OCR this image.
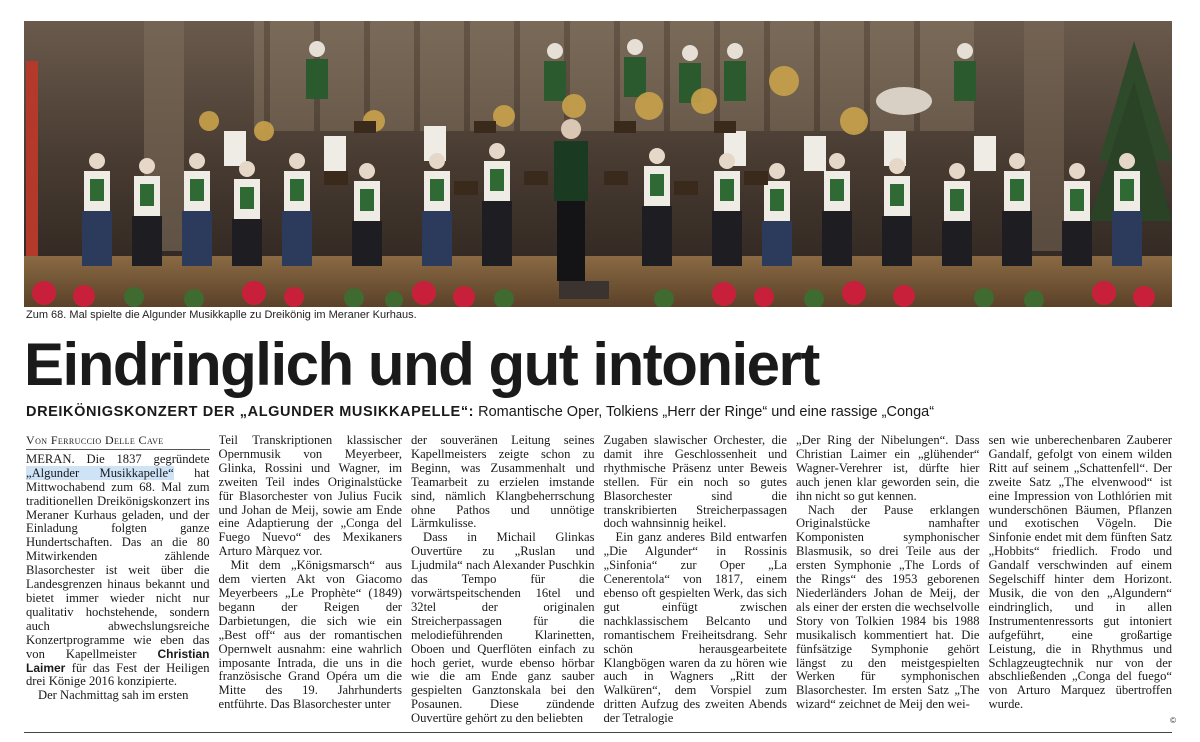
Zum 68. Mal spielte die Algunder Musikkaplle zu Dreikönig im Meraner Kurhaus.
Eindringlich und gut intoniert
DREIKÖNIGSKONZERT DER „ALGUNDER MUSIKKAPELLE“: Romantische Oper, Tolkiens „Herr der Ringe“ und eine rassige „Conga“
Von Ferruccio Delle Cave

MERAN. Die 1837 gegründete „Algunder Musikkapelle“ hat Mittwochabend zum 68. Mal zum traditionellen Dreikönigskonzert ins Meraner Kurhaus geladen, und der Einladung folgten ganze Hundertschaften. Das an die 80 Mitwirkenden zählende Blasorchester ist weit über die Landesgrenzen hinaus bekannt und bietet immer wieder nicht nur qualitativ hochstehende, sondern auch abwechslungsreiche Konzertprogramme wie eben das von Kapellmeister Christian Laimer für das Fest der Heiligen drei Könige 2016 konzipierte.

Der Nachmittag sah im ersten

Teil Transkriptionen klassischer Opernmusik von Meyerbeer, Glinka, Rossini und Wagner, im zweiten Teil indes Originalstücke für Blasorchester von Julius Fucik und Johan de Meij, sowie am Ende eine Adaptierung der „Conga del Fuego Nuevo“ des Mexikaners Arturo Màrquez vor.

Mit dem „Königsmarsch“ aus dem vierten Akt von Giacomo Meyerbeers „Le Prophète“ (1849) begann der Reigen der Darbietungen, die sich wie ein „Best off“ aus der romantischen Opernwelt ausnahm: eine wahrlich imposante Intrada, die uns in die französische Grand Opéra um die Mitte des 19. Jahrhunderts entführte. Das Blasorchester unter

der souveränen Leitung seines Kapellmeisters zeigte schon zu Beginn, was Zusammenhalt und Teamarbeit zu erzielen imstande sind, nämlich Klangbeherrschung ohne Pathos und unnötige Lärmkulisse.

Dass in Michail Glinkas Ouvertüre zu „Ruslan und Ljudmila“ nach Alexander Puschkin das Tempo für die vorwärtspeitschenden 16tel und 32tel der originalen Streicherpassagen für die melodieführenden Klarinetten, Oboen und Querflöten einfach zu hoch geriet, wurde ebenso hörbar wie die am Ende ganz sauber gespielten Ganztonskala bei den Posaunen. Diese zündende Ouvertüre gehört zu den beliebten

Zugaben slawischer Orchester, die damit ihre Geschlossenheit und rhythmische Präsenz unter Beweis stellen. Für ein noch so gutes Blasorchester sind die transkribierten Streicherpassagen doch wahnsinnig heikel.

Ein ganz anderes Bild entwarfen „Die Algunder“ in Rossinis „Sinfonia“ zur Oper „La Cenerentola“ von 1817, einem ebenso oft gespielten Werk, das sich gut einfügt zwischen nachklassischem Belcanto und romantischem Freiheitsdrang. Sehr schön herausgearbeitete Klangbögen waren da zu hören wie auch in Wagners „Ritt der Walküren“, dem Vorspiel zum dritten Aufzug des zweiten Abends der Tetralogie

„Der Ring der Nibelungen“. Dass Christian Laimer ein „glühender“ Wagner-Verehrer ist, dürfte hier auch jenen klar geworden sein, die ihn nicht so gut kennen.

Nach der Pause erklangen Originalstücke namhafter Komponisten symphonischer Blasmusik, so drei Teile aus der ersten Symphonie „The Lords of the Rings“ des 1953 geborenen Niederländers Johan de Meij, der als einer der ersten die wechselvolle Story von Tolkien 1984 bis 1988 musikalisch kommentiert hat. Die fünfsätzige Symphonie gehört längst zu den meistgespielten Werken für symphonischen Blasorchester. Im ersten Satz „The wizard“ zeichnet de Meij den wei-

sen wie unberechenbaren Zauberer Gandalf, gefolgt von einem wilden Ritt auf seinem „Schattenfell“. Der zweite Satz „The elvenwood“ ist eine Impression von Lothlórien mit wunderschönen Bäumen, Pflanzen und exotischen Vögeln. Die Sinfonie endet mit dem fünften Satz „Hobbits“ friedlich. Frodo und Gandalf verschwinden auf einem Segelschiff hinter dem Horizont. Musik, die von den „Algundern“ eindringlich, und in allen Instrumentenressorts gut intoniert aufgeführt, eine großartige Leistung, die in Rhythmus und Schlagzeugtechnik nur von der abschließenden „Conga del fuego“ von Arturo Marquez übertroffen wurde.

©
